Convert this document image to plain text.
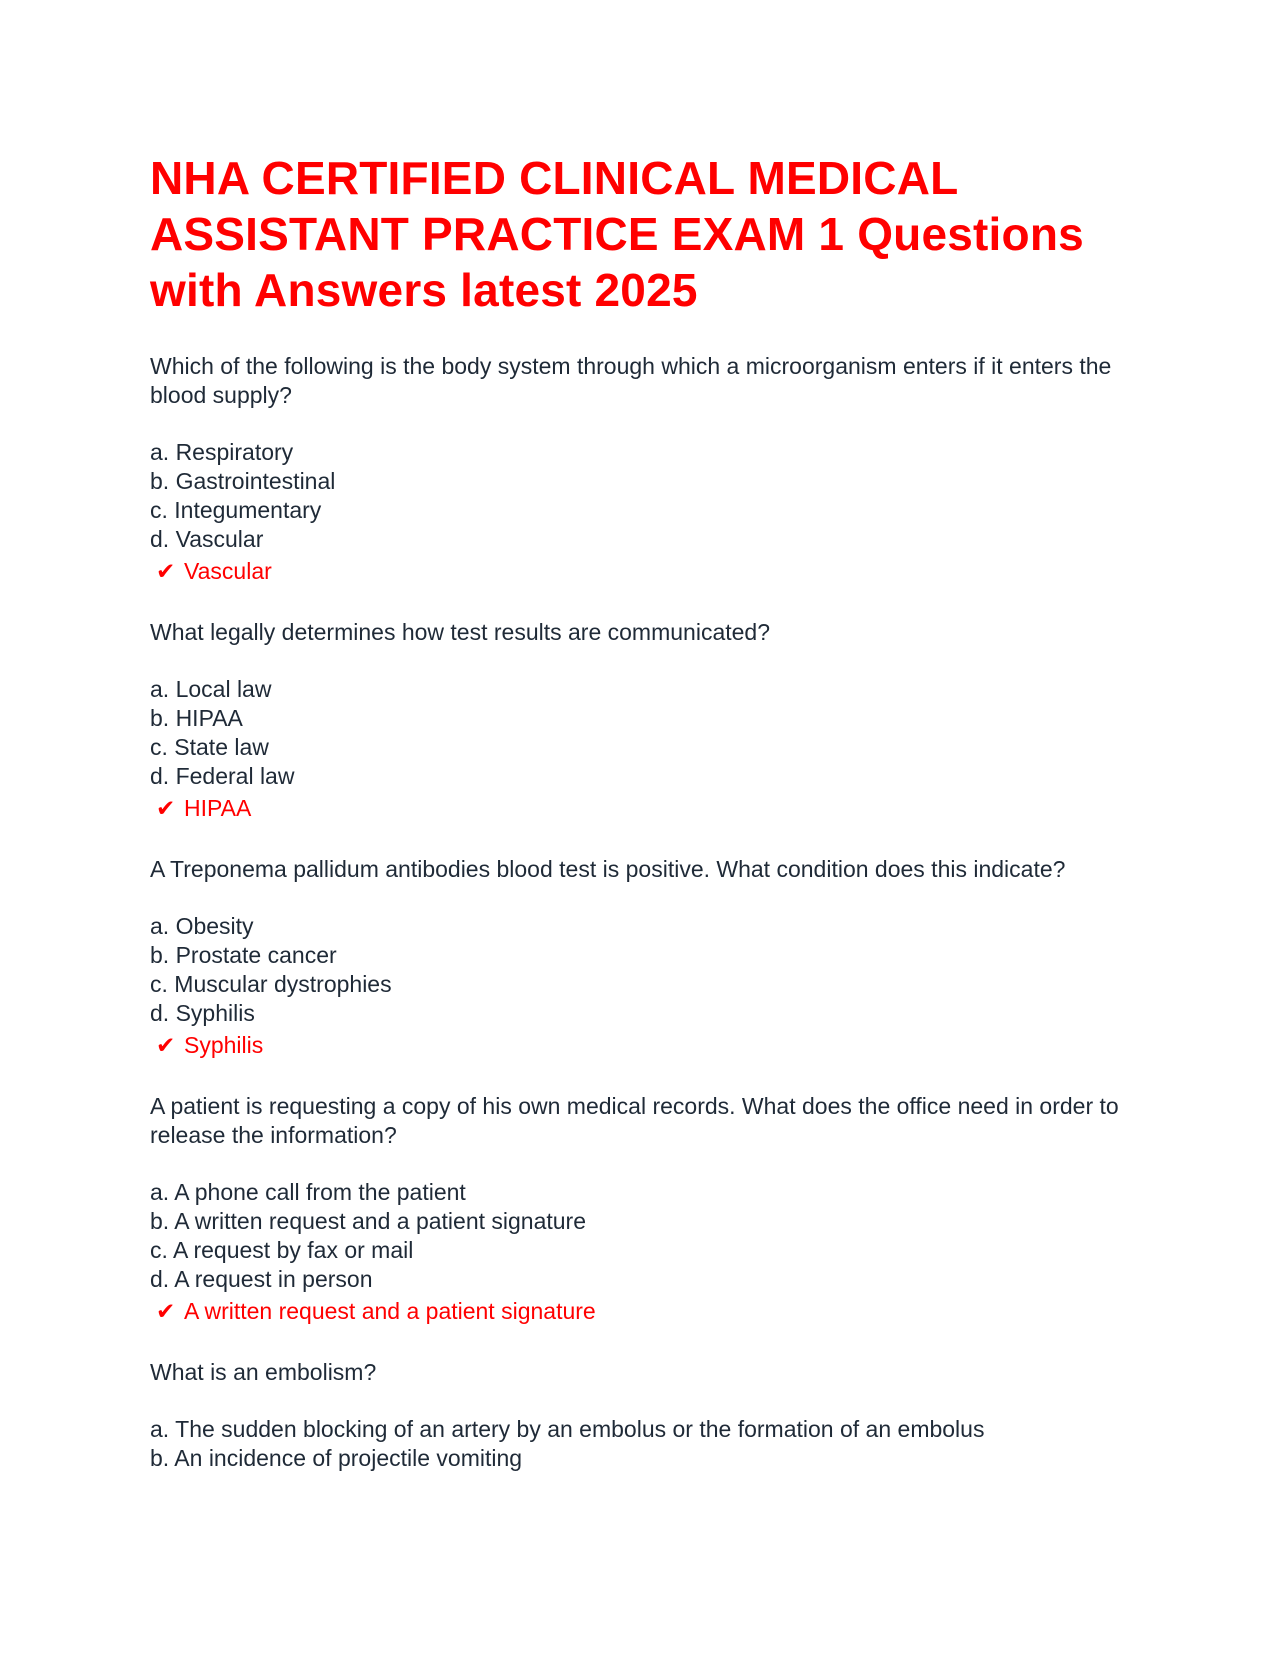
NHA CERTIFIED CLINICAL MEDICAL ASSISTANT PRACTICE EXAM 1 Questions with Answers latest 2025

Which of the following is the body system through which a microorganism enters if it enters the blood supply?

a. Respiratory
b. Gastrointestinal
c. Integumentary
d. Vascular
✔ Vascular

What legally determines how test results are communicated?

a. Local law
b. HIPAA
c. State law
d. Federal law
✔ HIPAA

A Treponema pallidum antibodies blood test is positive. What condition does this indicate?

a. Obesity
b. Prostate cancer
c. Muscular dystrophies
d. Syphilis
✔ Syphilis

A patient is requesting a copy of his own medical records. What does the office need in order to release the information?

a. A phone call from the patient
b. A written request and a patient signature
c. A request by fax or mail
d. A request in person
✔ A written request and a patient signature

What is an embolism?

a. The sudden blocking of an artery by an embolus or the formation of an embolus
b. An incidence of projectile vomiting
